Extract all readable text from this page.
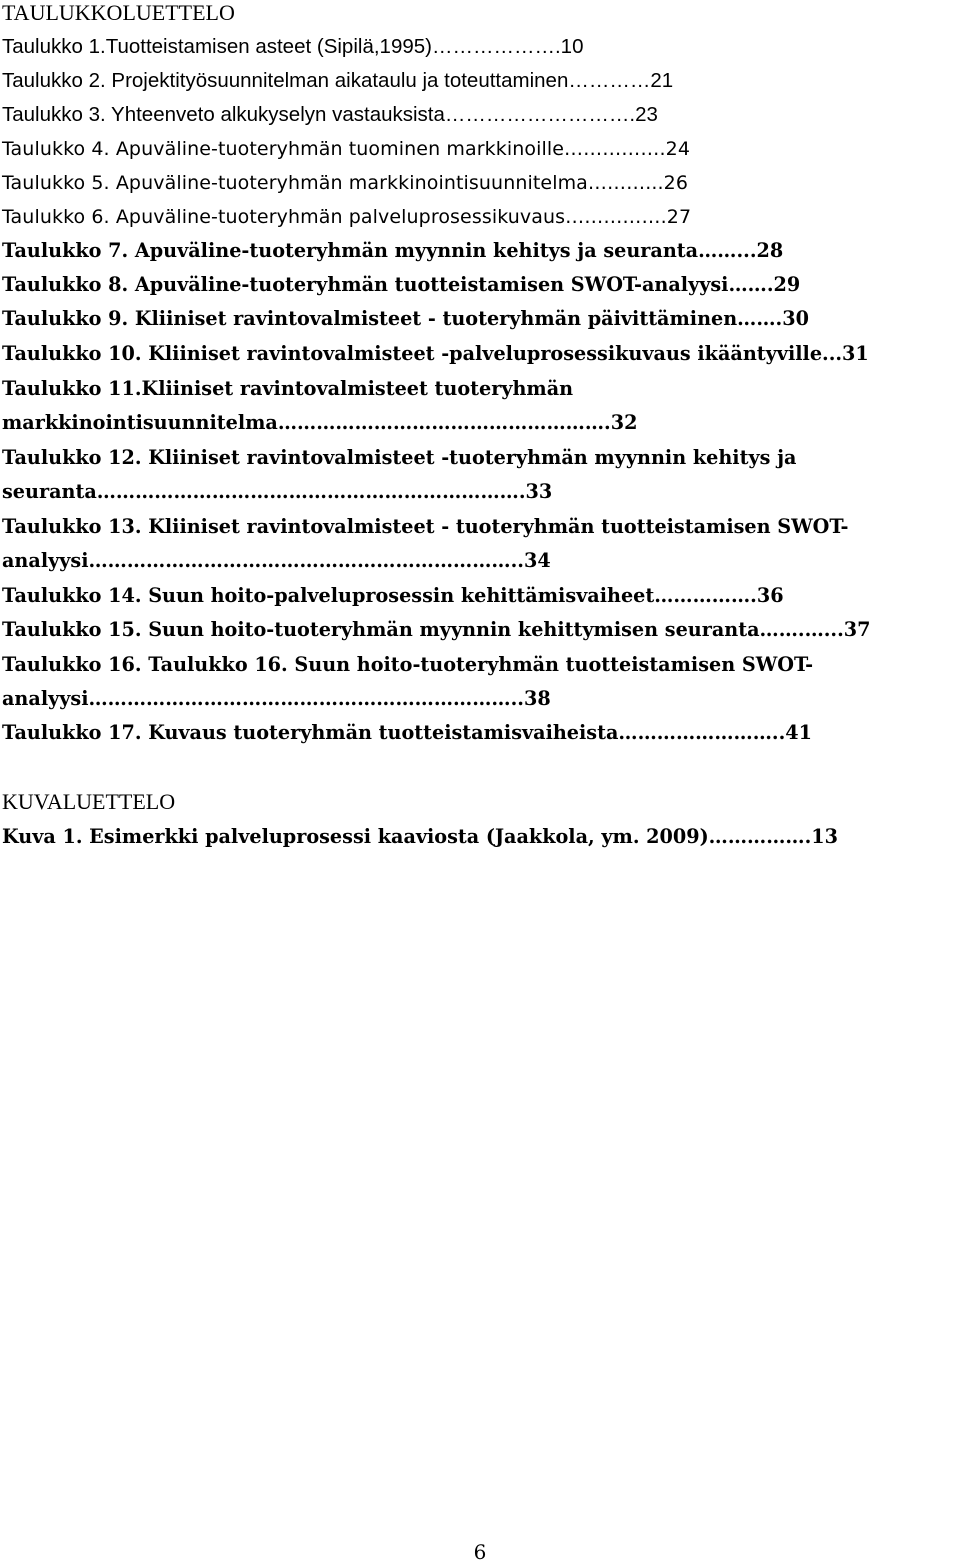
TAULUKKOLUETTELO
Taulukko 1.Tuotteistamisen asteet (Sipilä,1995)……………….10
Taulukko 2. Projektityösuunnitelman aikataulu ja toteuttaminen…………21
Taulukko 3. Yhteenveto alkukyselyn vastauksista……………………….23
Taulukko 4. Apuväline-tuoteryhmän tuominen markkinoille…………….24
Taulukko 5. Apuväline-tuoteryhmän markkinointisuunnitelma………...26
Taulukko 6. Apuväline-tuoteryhmän palveluprosessikuvaus…………….27
Taulukko 7. Apuväline-tuoteryhmän myynnin kehitys ja seuranta……...28
Taulukko 8. Apuväline-tuoteryhmän tuotteistamisen SWOT-analyysi…….29
Taulukko 9. Kliiniset ravintovalmisteet - tuoteryhmän päivittäminen…….30
Taulukko 10. Kliiniset ravintovalmisteet -palveluprosessikuvaus ikääntyville...31
Taulukko 11.Kliiniset ravintovalmisteet tuoteryhmän
markkinointisuunnitelma…………………………………………….32
Taulukko 12. Kliiniset ravintovalmisteet -tuoteryhmän myynnin kehitys ja
seuranta………………………………………………………….33
Taulukko 13. Kliiniset ravintovalmisteet - tuoteryhmän tuotteistamisen SWOT-
analyysi…………………………………………………………..34
Taulukko 14. Suun hoito-palveluprosessin kehittämisvaiheet…………….36
Taulukko 15. Suun hoito-tuoteryhmän myynnin kehittymisen seuranta…….…...37
Taulukko 16. Taulukko 16. Suun hoito-tuoteryhmän tuotteistamisen SWOT-
analyysi…………………………………………………………..38
Taulukko 17. Kuvaus tuoteryhmän tuotteistamisvaiheista……………………..41
KUVALUETTELO
Kuva 1. Esimerkki palveluprosessi kaaviosta (Jaakkola, ym. 2009)…………….13
6
